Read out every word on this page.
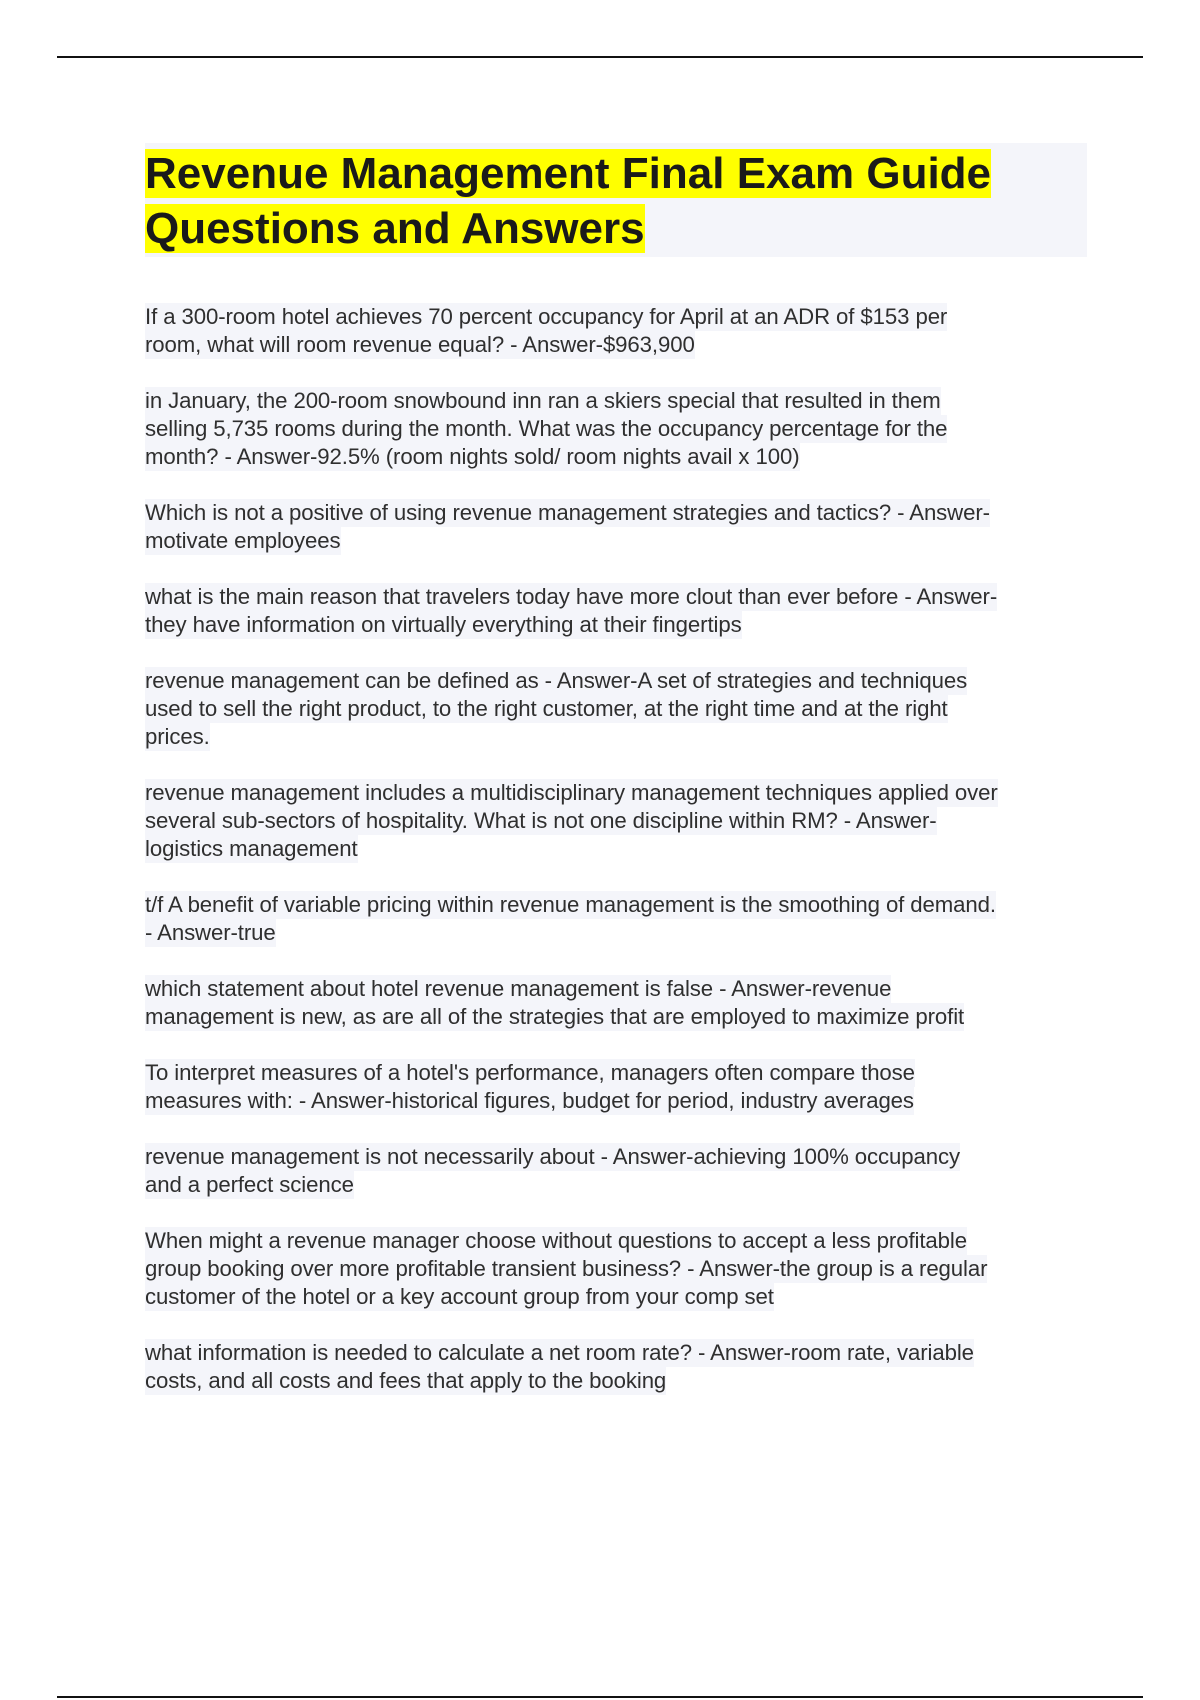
Revenue Management Final Exam Guide
Questions and Answers

If a 300-room hotel achieves 70 percent occupancy for April at an ADR of $153 per
room, what will room revenue equal? - Answer-$963,900

in January, the 200-room snowbound inn ran a skiers special that resulted in them
selling 5,735 rooms during the month. What was the occupancy percentage for the
month? - Answer-92.5% (room nights sold/ room nights avail x 100)

Which is not a positive of using revenue management strategies and tactics? - Answer-
motivate employees

what is the main reason that travelers today have more clout than ever before - Answer-
they have information on virtually everything at their fingertips

revenue management can be defined as - Answer-A set of strategies and techniques
used to sell the right product, to the right customer, at the right time and at the right
prices.

revenue management includes a multidisciplinary management techniques applied over
several sub-sectors of hospitality. What is not one discipline within RM? - Answer-
logistics management

t/f A benefit of variable pricing within revenue management is the smoothing of demand.
- Answer-true

which statement about hotel revenue management is false - Answer-revenue
management is new, as are all of the strategies that are employed to maximize profit

To interpret measures of a hotel's performance, managers often compare those
measures with: - Answer-historical figures, budget for period, industry averages

revenue management is not necessarily about - Answer-achieving 100% occupancy
and a perfect science

When might a revenue manager choose without questions to accept a less profitable
group booking over more profitable transient business? - Answer-the group is a regular
customer of the hotel or a key account group from your comp set

what information is needed to calculate a net room rate? - Answer-room rate, variable
costs, and all costs and fees that apply to the booking
